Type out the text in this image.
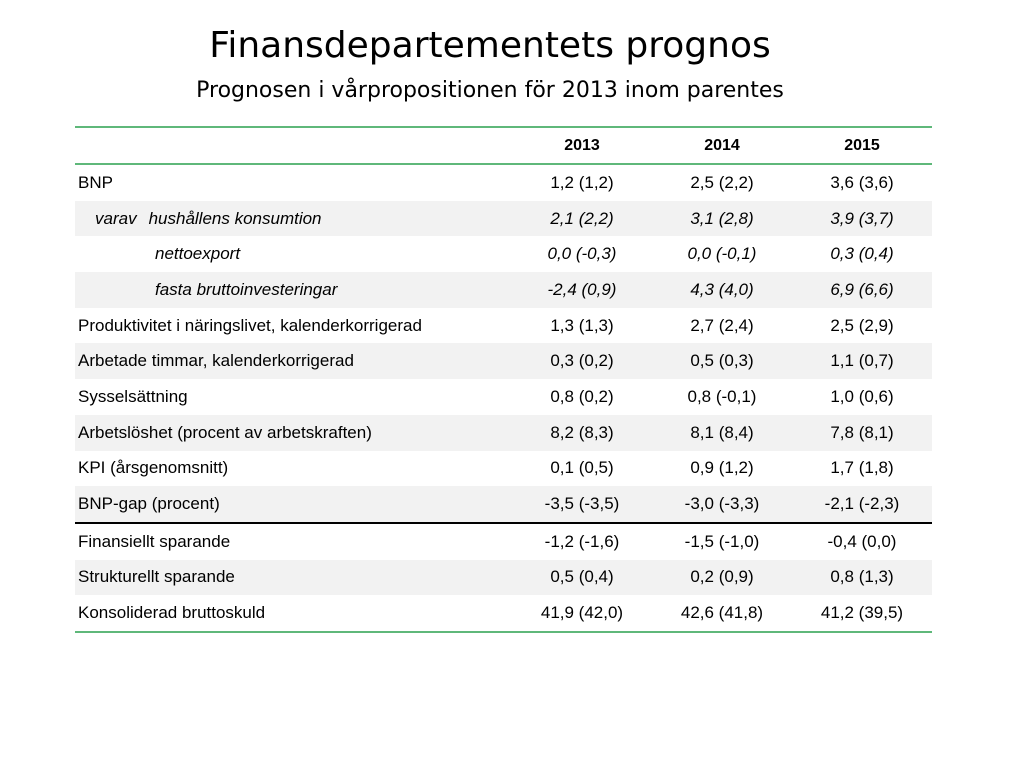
Finansdepartementets prognos
Prognosen i vårpropositionen för 2013 inom parentes
	2013	2014	2015
BNP	1,2 (1,2)	2,5 (2,2)	3,6 (3,6)
varav hushållens konsumtion	2,1 (2,2)	3,1 (2,8)	3,9 (3,7)
nettoexport	0,0 (-0,3)	0,0 (-0,1)	0,3 (0,4)
fasta bruttoinvesteringar	-2,4 (0,9)	4,3 (4,0)	6,9 (6,6)
Produktivitet i näringslivet, kalenderkorrigerad	1,3 (1,3)	2,7 (2,4)	2,5 (2,9)
Arbetade timmar, kalenderkorrigerad	0,3 (0,2)	0,5 (0,3)	1,1 (0,7)
Sysselsättning	0,8 (0,2)	0,8 (-0,1)	1,0 (0,6)
Arbetslöshet (procent av arbetskraften)	8,2 (8,3)	8,1 (8,4)	7,8 (8,1)
KPI (årsgenomsnitt)	0,1 (0,5)	0,9 (1,2)	1,7 (1,8)
BNP-gap (procent)	-3,5 (-3,5)	-3,0 (-3,3)	-2,1 (-2,3)
Finansiellt sparande	-1,2 (-1,6)	-1,5 (-1,0)	-0,4 (0,0)
Strukturellt sparande	0,5 (0,4)	0,2 (0,9)	0,8 (1,3)
Konsoliderad bruttoskuld	41,9 (42,0)	42,6 (41,8)	41,2 (39,5)
